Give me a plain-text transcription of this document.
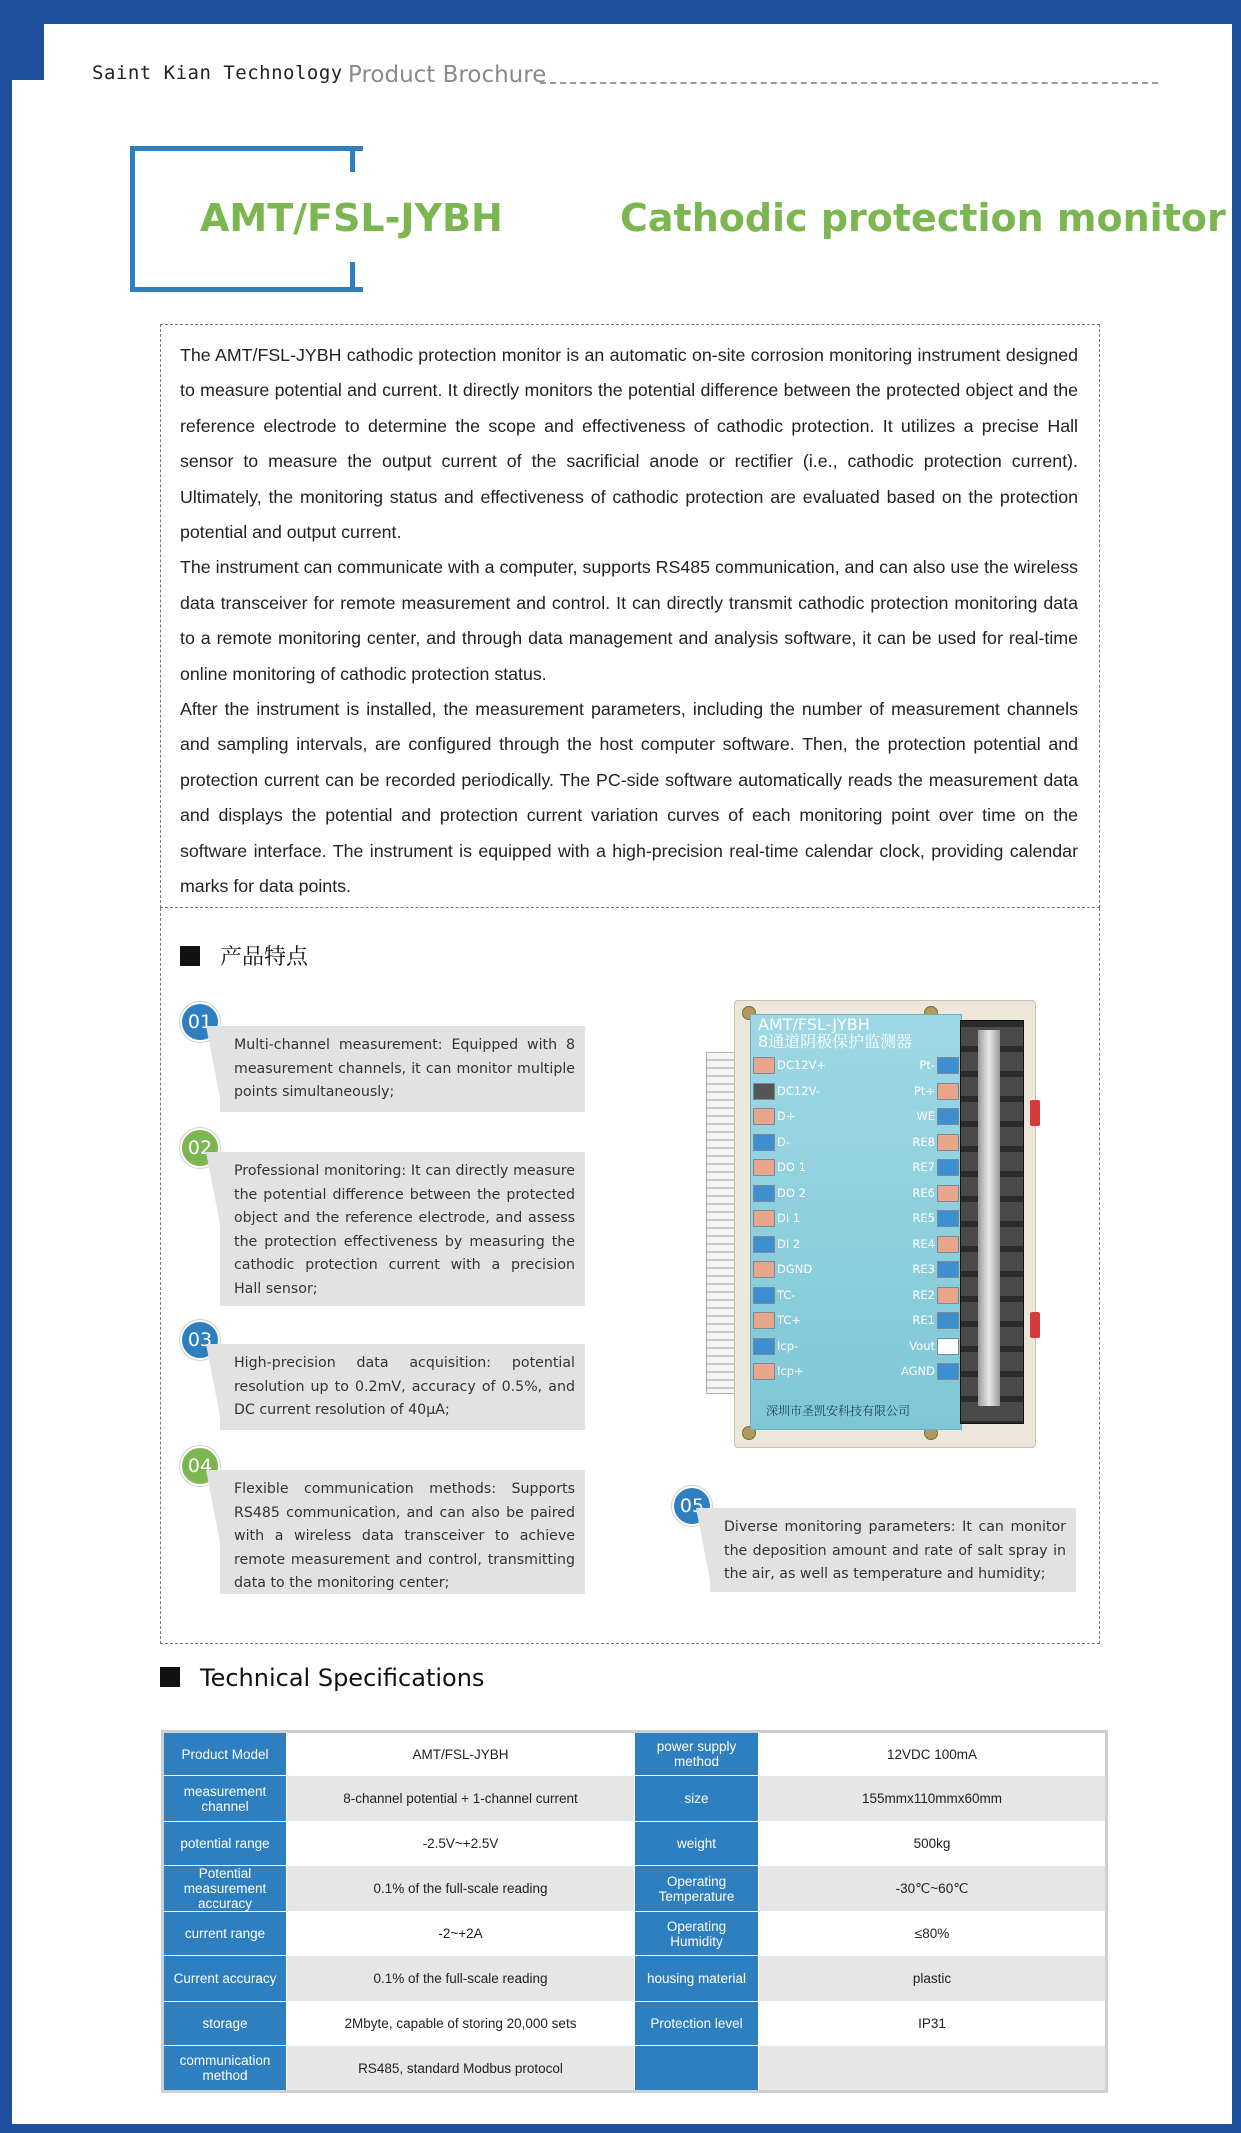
Saint Kian Technology Product Brochure
AMT/FSL-JYBH	Cathodic protection monitor

The AMT/FSL-JYBH cathodic protection monitor is an automatic on-site corrosion monitoring instrument designed to measure potential and current. It directly monitors the potential difference between the protected object and the reference electrode to determine the scope and effectiveness of cathodic protection. It utilizes a precise Hall sensor to measure the output current of the sacrificial anode or rectifier (i.e., cathodic protection current). Ultimately, the monitoring status and effectiveness of cathodic protection are evaluated based on the protection potential and output current.

The instrument can communicate with a computer, supports RS485 communication, and can also use the wireless data transceiver for remote measurement and control. It can directly transmit cathodic protection monitoring data to a remote monitoring center, and through data management and analysis software, it can be used for real-time online monitoring of cathodic protection status.

After the instrument is installed, the measurement parameters, including the number of measurement channels and sampling intervals, are configured through the host computer software. Then, the protection potential and protection current can be recorded periodically. The PC-side software automatically reads the measurement data and displays the potential and protection current variation curves of each monitoring point over time on the software interface. The instrument is equipped with a high-precision real-time calendar clock, providing calendar marks for data points.

产品特点
01
Multi-channel measurement: Equipped with 8 measurement channels, it can monitor multiple points simultaneously;
02
Professional monitoring: It can directly measure the potential difference between the protected object and the reference electrode, and assess the protection effectiveness by measuring the cathodic protection current with a precision Hall sensor;
03
High-precision data acquisition: potential resolution up to 0.2mV, accuracy of 0.5%, and DC current resolution of 40μA;
04
Flexible communication methods: Supports RS485 communication, and can also be paired with a wireless data transceiver to achieve remote measurement and control, transmitting data to the monitoring center;
05
Diverse monitoring parameters: It can monitor the deposition amount and rate of salt spray in the air, as well as temperature and humidity;
DC12V+
DC12V-
D+
D-
DO 1
DO 2
DI 1
DI 2
DGND
TC-
TC+
Icp-
Icp+
Pt-
Pt+
WE
RE8
RE7
RE6
RE5
RE4
RE3
RE2
RE1
Vout
AGND
AMT/FSL-JYBH
8通道阴极保护监测器
深圳市圣凯安科技有限公司
Technical Specifications
Product Model	AMT/FSL-JYBH	power supply method	12VDC 100mA
measurement channel	8-channel potential + 1-channel current	size	155mmx110mmx60mm
potential range	-2.5V~+2.5V	weight	500kg
Potential measurement accuracy	0.1% of the full-scale reading	Operating Temperature	-30℃~60℃
current range	-2~+2A	Operating Humidity	≤80%
Current accuracy	0.1% of the full-scale reading	housing material	plastic
storage	2Mbyte, capable of storing 20,000 sets	Protection level	IP31
communication method	RS485, standard Modbus protocol		
